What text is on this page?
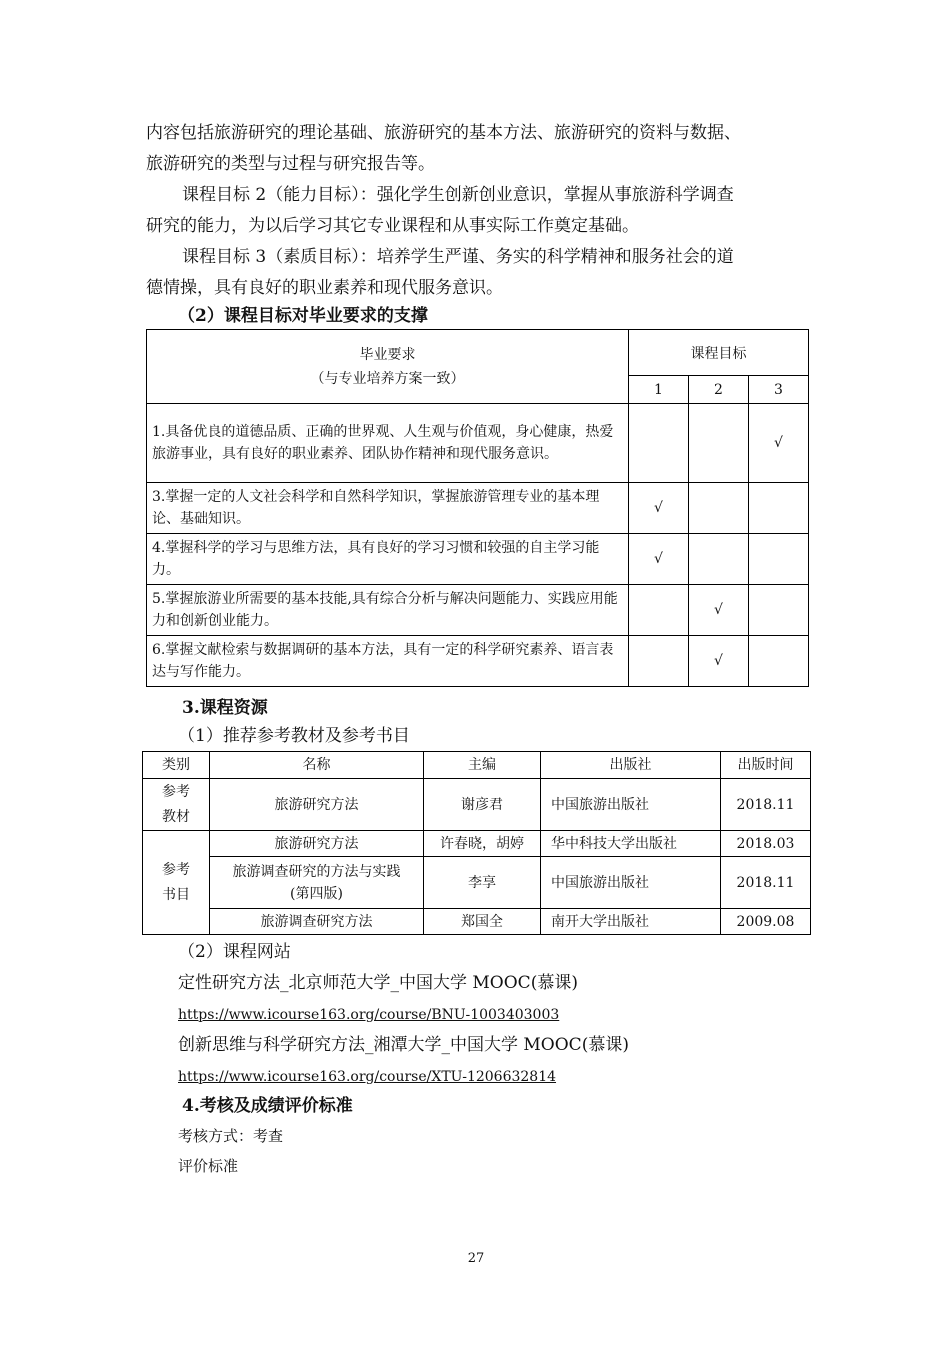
内容包括旅游研究的理论基础、旅游研究的基本方法、旅游研究的资料与数据、

旅游研究的类型与过程与研究报告等。

课程目标 2（能力目标）：强化学生创新创业意识，掌握从事旅游科学调查

研究的能力，为以后学习其它专业课程和从事实际工作奠定基础。

课程目标 3（素质目标）：培养学生严谨、务实的科学精神和服务社会的道

德情操，具有良好的职业素养和现代服务意识。

（2）课程目标对毕业要求的支撑

毕业要求
（与专业培养方案一致）	课程目标		
	1	2	3
1.具备优良的道德品质、正确的世界观、人生观与价值观，身心健康，热爱旅游事业，具有良好的职业素养、团队协作精神和现代服务意识。			√
3.掌握一定的人文社会科学和自然科学知识，掌握旅游管理专业的基本理论、基础知识。	√		
4.掌握科学的学习与思维方法，具有良好的学习习惯和较强的自主学习能力。	√		
5.掌握旅游业所需要的基本技能,具有综合分析与解决问题能力、实践应用能力和创新创业能力。		√	
6.掌握文献检索与数据调研的基本方法，具有一定的科学研究素养、语言表达与写作能力。		√	

3.课程资源

（1）推荐参考教材及参考书目

类别	名称	主编	出版社	出版时间
参考
教材	旅游研究方法	谢彦君	中国旅游出版社	2018.11
参考
书目	旅游研究方法	许春晓，胡婷	华中科技大学出版社	2018.03
	旅游调查研究的方法与实践(第四版)	李享	中国旅游出版社	2018.11
	旅游调查研究方法	郑国全	南开大学出版社	2009.08

（2）课程网站

定性研究方法_北京师范大学_中国大学 MOOC(慕课)

https://www.icourse163.org/course/BNU-1003403003

创新思维与科学研究方法_湘潭大学_中国大学 MOOC(慕课)

https://www.icourse163.org/course/XTU-1206632814

4.考核及成绩评价标准

考核方式：考查

评价标准

27
